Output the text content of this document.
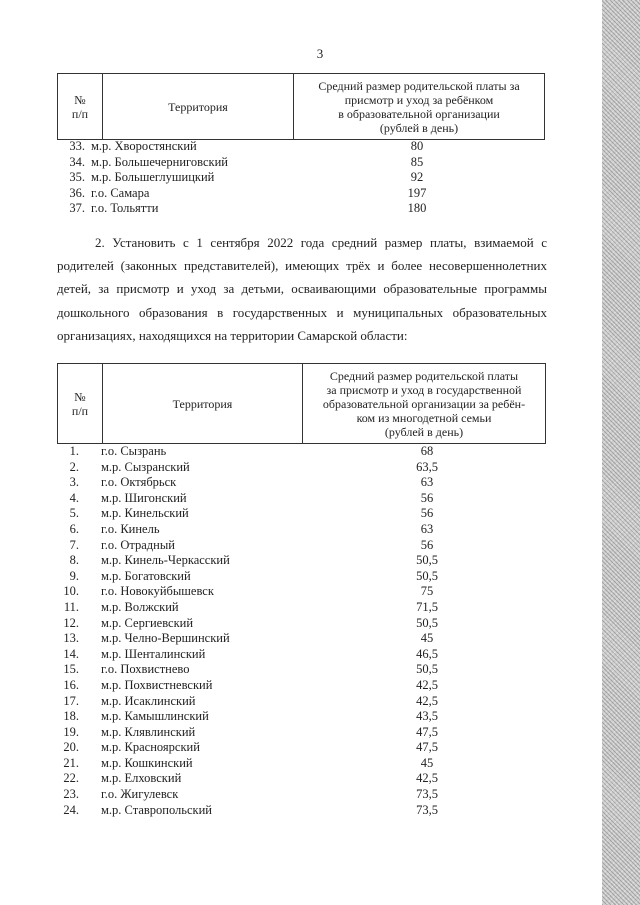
3
№
п/п	Территория
Средний размер родительской платы за
присмотр и уход за ребёнком
в образовательной организации
(рублей в день)
33. м.р. Хворостянский	80
34. м.р. Большечерниговский	85
35. м.р. Большеглушицкий	92
36. г.о. Самара	197
37. г.о. Тольятти	180

2. Установить с 1 сентября 2022 года средний размер платы, взимаемой с родителей (законных представителей), имеющих трёх и более несовершеннолетних детей, за присмотр и уход за детьми, осваивающими образовательные программы дошкольного образования в государственных и муниципальных образовательных организациях, находящихся на территории Самарской области:

№
п/п	Территория
Средний размер родительской платы
за присмотр и уход в государственной
образовательной организации за ребён-
ком из многодетной семьи
(рублей в день)
1. г.о. Сызрань	68
2. м.р. Сызранский	63,5
3. г.о. Октябрьск	63
4. м.р. Шигонский	56
5. м.р. Кинельский	56
6. г.о. Кинель	63
7. г.о. Отрадный	56
8. м.р. Кинель-Черкасский	50,5
9. м.р. Богатовский	50,5
10. г.о. Новокуйбышевск	75
11. м.р. Волжский	71,5
12. м.р. Сергиевский	50,5
13. м.р. Челно-Вершинский	45
14. м.р. Шенталинский	46,5
15. г.о. Похвистнево	50,5
16. м.р. Похвистневский	42,5
17. м.р. Исаклинский	42,5
18. м.р. Камышлинский	43,5
19. м.р. Клявлинский	47,5
20. м.р. Красноярский	47,5
21. м.р. Кошкинский	45
22. м.р. Елховский	42,5
23. г.о. Жигулевск	73,5
24. м.р. Ставропольский	73,5
